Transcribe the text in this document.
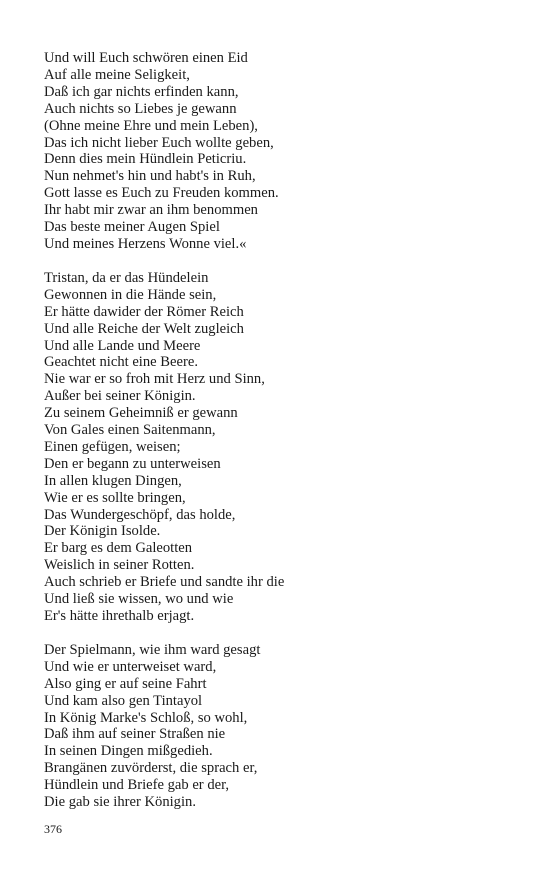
Und will Euch schwören einen Eid
Auf alle meine Seligkeit,
Daß ich gar nichts erfinden kann,
Auch nichts so Liebes je gewann
(Ohne meine Ehre und mein Leben),
Das ich nicht lieber Euch wollte geben,
Denn dies mein Hündlein Peticriu.
Nun nehmet's hin und habt's in Ruh,
Gott lasse es Euch zu Freuden kommen.
Ihr habt mir zwar an ihm benommen
Das beste meiner Augen Spiel
Und meines Herzens Wonne viel.«
Tristan, da er das Hündelein
Gewonnen in die Hände sein,
Er hätte dawider der Römer Reich
Und alle Reiche der Welt zugleich
Und alle Lande und Meere
Geachtet nicht eine Beere.
Nie war er so froh mit Herz und Sinn,
Außer bei seiner Königin.
Zu seinem Geheimniß er gewann
Von Gales einen Saitenmann,
Einen gefügen, weisen;
Den er begann zu unterweisen
In allen klugen Dingen,
Wie er es sollte bringen,
Das Wundergeschöpf, das holde,
Der Königin Isolde.
Er barg es dem Galeotten
Weislich in seiner Rotten.
Auch schrieb er Briefe und sandte ihr die
Und ließ sie wissen, wo und wie
Er's hätte ihrethalb erjagt.
Der Spielmann, wie ihm ward gesagt
Und wie er unterweiset ward,
Also ging er auf seine Fahrt
Und kam also gen Tintayol
In König Marke's Schloß, so wohl,
Daß ihm auf seiner Straßen nie
In seinen Dingen mißgedieh.
Brangänen zuvörderst, die sprach er,
Hündlein und Briefe gab er der,
Die gab sie ihrer Königin.
376
